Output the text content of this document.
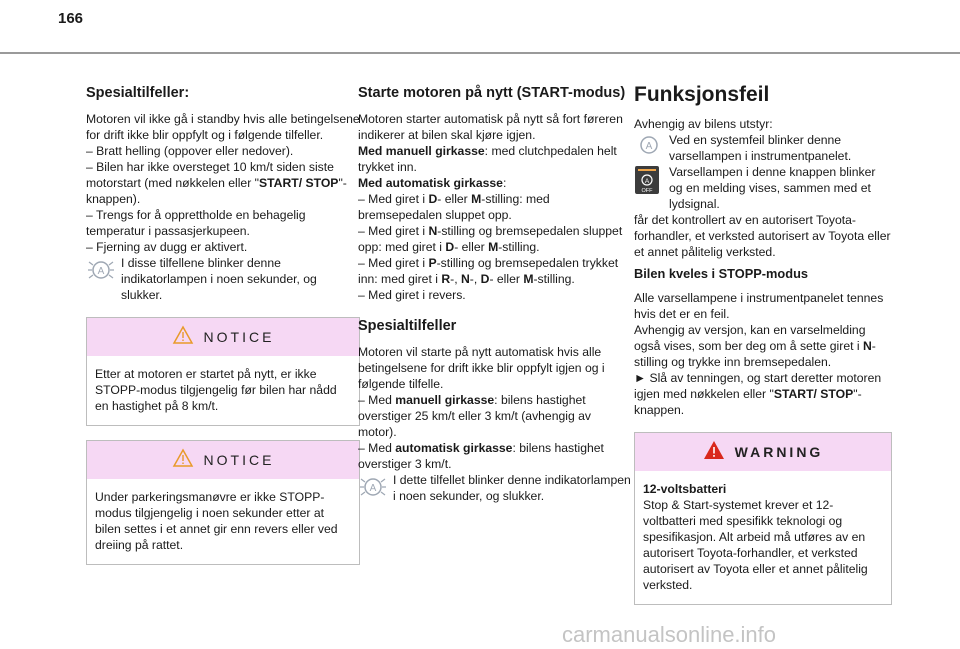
166
Spesialtilfeller:

Motoren vil ikke gå i standby hvis alle betingelsene for drift ikke blir oppfylt og i følgende tilfeller.

– Bratt helling (oppover eller nedover).

– Bilen har ikke oversteget 10 km/t siden siste motorstart (med nøkkelen eller "START/ STOP"-knappen).

– Trengs for å opprettholde en behagelig temperatur i passasjerkupeen.

– Fjerning av dugg er aktivert.

A

I disse tilfellene blinker denne indikatorlampen i noen sekunder, og slukker.

NOTICE
Etter at motoren er startet på nytt, er ikke STOPP-modus tilgjengelig før bilen har nådd en hastighet på 8 km/t.
NOTICE
Under parkeringsmanøvre er ikke STOPP-modus tilgjengelig i noen sekunder etter at bilen settes i et annet gir enn revers eller ved dreiing på rattet.
Starte motoren på nytt (START-modus)

Motoren starter automatisk på nytt så fort føreren indikerer at bilen skal kjøre igjen.

Med manuell girkasse: med clutchpedalen helt trykket inn.

Med automatisk girkasse:

– Med giret i D- eller M-stilling: med bremsepedalen sluppet opp.

– Med giret i N-stilling og bremsepedalen sluppet opp: med giret i D- eller M-stilling.

– Med giret i P-stilling og bremsepedalen trykket inn: med giret i R-, N-, D- eller M-stilling.

– Med giret i revers.

Spesialtilfeller

Motoren vil starte på nytt automatisk hvis alle betingelsene for drift ikke blir oppfylt igjen og i følgende tilfelle.

– Med manuell girkasse: bilens hastighet overstiger 25 km/t eller 3 km/t (avhengig av motor).

– Med automatisk girkasse: bilens hastighet overstiger 3 km/t.

A

I dette tilfellet blinker denne indikatorlampen i noen sekunder, og slukker.

Funksjonsfeil

Avhengig av bilens utstyr:

A Ved en systemfeil blinker denne varsellampen i instrumentpanelet.

A
OFF

Varsellampen i denne knappen blinker og en melding vises, sammen med et lydsignal.

får det kontrollert av en autorisert Toyota-forhandler, et verksted autorisert av Toyota eller et annet pålitelig verksted.

Bilen kveles i STOPP-modus

Alle varsellampene i instrumentpanelet tennes hvis det er en feil.

Avhengig av versjon, kan en varselmelding også vises, som ber deg om å sette giret i N-stilling og trykke inn bremsepedalen.

► Slå av tenningen, og start deretter motoren igjen med nøkkelen eller "START/ STOP"-knappen.

WARNING

12-voltsbatteri

Stop & Start-systemet krever et 12- voltbatteri med spesifikk teknologi og spesifikasjon. Alt arbeid må utføres av en autorisert Toyota-forhandler, et verksted autorisert av Toyota eller et annet pålitelig verksted.

carmanualsonline.info
